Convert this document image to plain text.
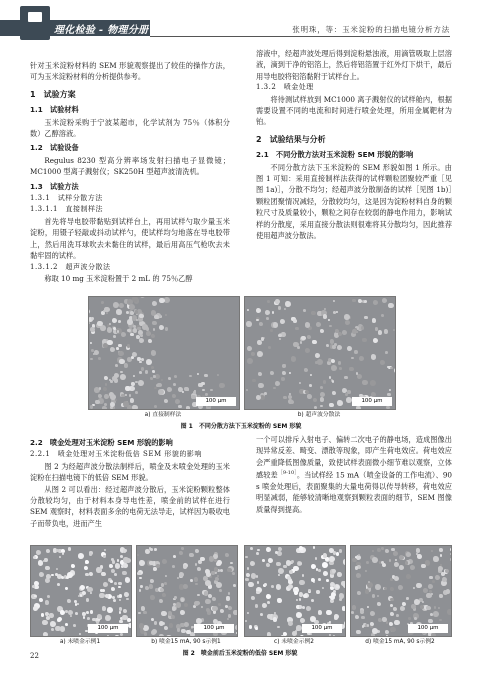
理化检验 - 物理分册	张明珠，等：玉米淀粉的扫描电镜分析方法

针对玉米淀粉材料的 SEM 形貌观察提出了较佳的操作方法，可为玉米淀粉材料的分析提供参考。

1　试验方案
1.1　试验材料

玉米淀粉采购于宁波某超市，化学试剂为 75％（体积分数）乙醇溶液。

1.2　试验设备

Regulus 8230 型高分辨率场发射扫描电子显微镜；MC1000 型离子溅射仪；SK250H 型超声波清洗机。

1.3　试验方法
1.3.1　试样分散方法
1.3.1.1　直接制样法

首先将导电胶带黏贴到试样台上，再用试样勺取少量玉米淀粉，用镊子轻敲或抖动试样勺，使试样均匀地落在导电胶带上，然后用洗耳球吹去未黏住的试样，最后用高压气枪吹去未黏牢固的试样。

1.3.1.2　超声波分散法

称取 10 mg 玉米淀粉置于 2 mL 的 75％乙醇

溶液中，经超声波处理后得到淀粉悬浊液，用滴管吸取上层溶液，滴到干净的铝箔上，然后将铝箔置于红外灯下烘干，最后用导电胶将铝箔黏附于试样台上。

1.3.2　喷金处理

将待测试样放到 MC1000 离子溅射仪的试样舱内，根据需要设置不同的电流和时间进行喷金处理，所用金属靶材为铂。

2　试验结果与分析
2.1　不同分散方法对玉米淀粉 SEM 形貌的影响

不同分散方法下玉米淀粉的 SEM 形貌如图 1 所示。由图 1 可知：采用直接制样法获得的试样颗粒团聚较严重［见图 1a)］，分散不均匀；经超声波分散制备的试样［见图 1b)］颗粒团聚情况减轻，分散较均匀，这是因为淀粉材料自身的颗粒尺寸及质量较小，颗粒之间存在较弱的静电作用力，影响试样的分散度，采用直接分散法则很难将其分散均匀，因此推荐使用超声波分散法。

100 μm	100 μm
a) 直接制样法	b) 超声波分散法
图 1　不同分散方法下玉米淀粉的 SEM 形貌
2.2　喷金处理对玉米淀粉 SEM 形貌的影响
2.2.1　喷金处理对玉米淀粉低倍 SEM 形貌的影响

图 2 为经超声波分散法制样后，喷金及未喷金处理的玉米淀粉在扫描电镜下的低倍 SEM 形貌。

从图 2 可以看出：经过超声波分散后，玉米淀粉颗粒整体分散较均匀，由于材料本身导电性差，喷金前的试样在进行 SEM 观察时，材料表面多余的电荷无法导走，试样因为吸收电子而带负电，进而产生

一个可以排斥入射电子、偏转二次电子的静电场，造成图像出现异常反差、畸变、漂散等现象，即产生荷电效应。荷电效应会严重降低图像质量，致使试样表面微小细节难以观察，立体感较差$^{[9-10]}$。当试样经 15 mA（喷金设备的工作电流）、90 s 喷金处理后，表面聚集的大量电荷得以传导转移，荷电效应明显减弱，能够较清晰地观察到颗粒表面的细节，SEM 图像质量得到提高。

100 μm	100 μm	100 μm	100 μm
a) 未喷金示例1	b) 喷金15 mA, 90 s示例1	c) 未喷金示例2	d) 喷金15 mA, 90 s示例2
图 2　喷金前后玉米淀粉的低倍 SEM 形貌
22
